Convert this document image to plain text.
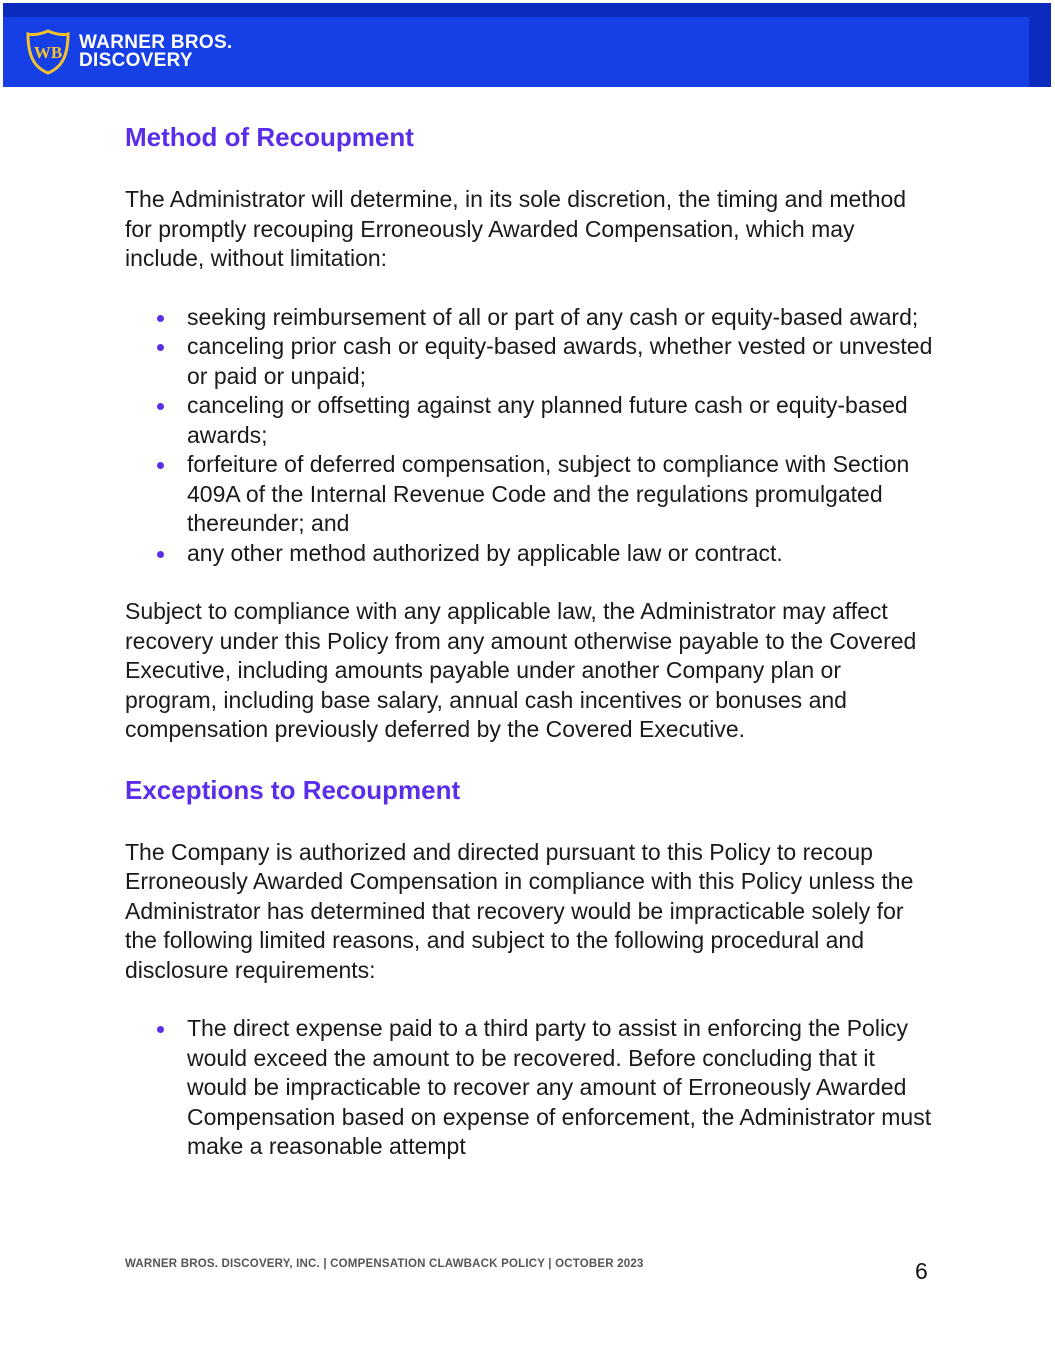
WB WARNER BROS.
DISCOVERY
Method of Recoupment

The Administrator will determine, in its sole discretion, the timing and method for promptly recouping Erroneously Awarded Compensation, which may include, without limitation:

seeking reimbursement of all or part of any cash or equity-based award;
canceling prior cash or equity-based awards, whether vested or unvested or paid or unpaid;
canceling or offsetting against any planned future cash or equity-based awards;
forfeiture of deferred compensation, subject to compliance with Section 409A of the Internal Revenue Code and the regulations promulgated thereunder; and
any other method authorized by applicable law or contract.

Subject to compliance with any applicable law, the Administrator may affect recovery under this Policy from any amount otherwise payable to the Covered Executive, including amounts payable under another Company plan or program, including base salary, annual cash incentives or bonuses and compensation previously deferred by the Covered Executive.

Exceptions to Recoupment

The Company is authorized and directed pursuant to this Policy to recoup Erroneously Awarded Compensation in compliance with this Policy unless the Administrator has determined that recovery would be impracticable solely for the following limited reasons, and subject to the following procedural and disclosure requirements:

The direct expense paid to a third party to assist in enforcing the Policy would exceed the amount to be recovered. Before concluding that it would be impracticable to recover any amount of Erroneously Awarded Compensation based on expense of enforcement, the Administrator must make a reasonable attempt
WARNER BROS. DISCOVERY, INC. | COMPENSATION CLAWBACK POLICY | OCTOBER 2023	6
